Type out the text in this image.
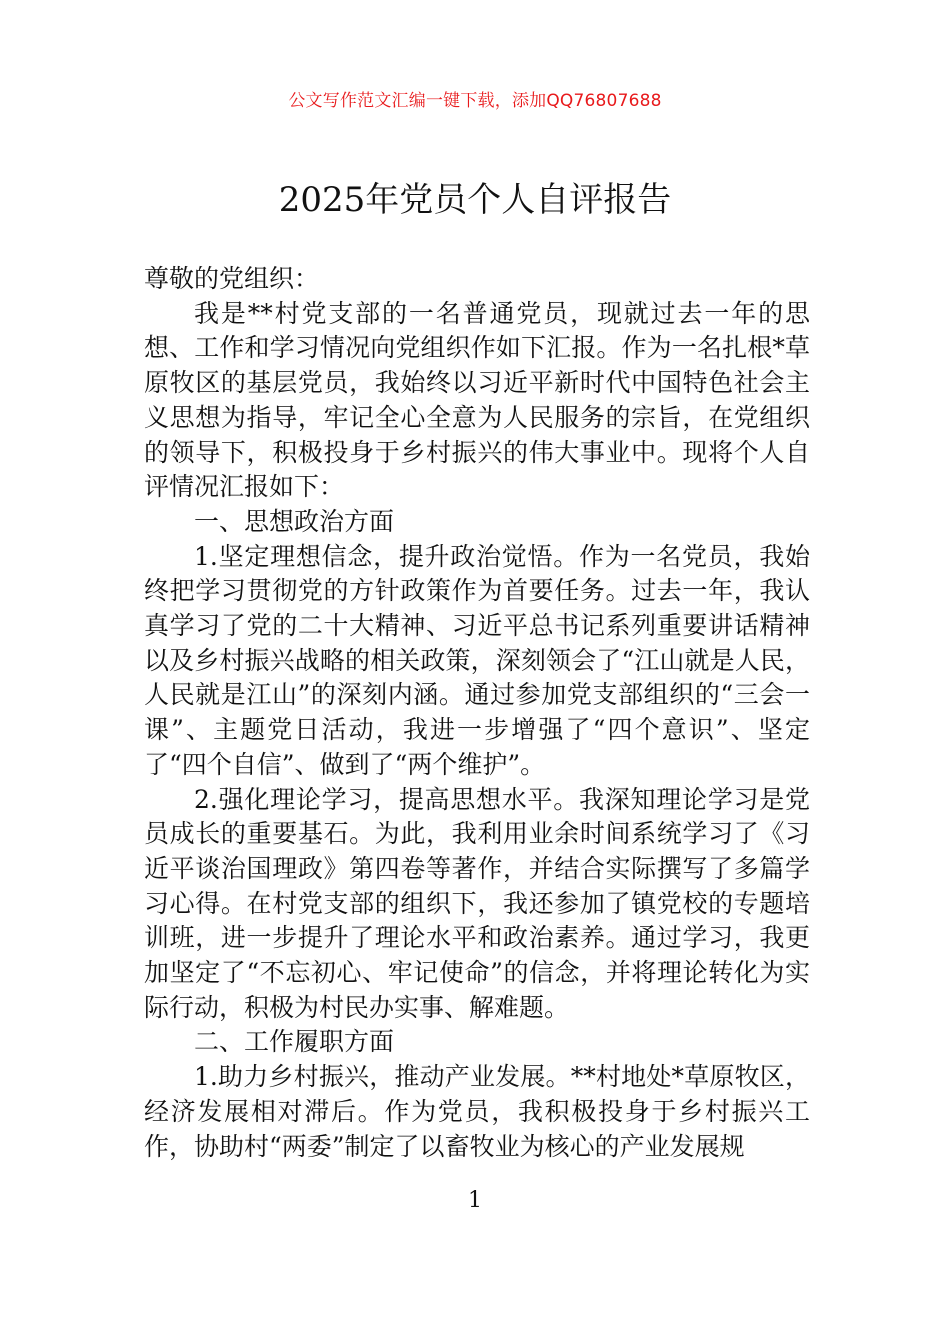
公文写作范文汇编一键下载，添加QQ76807688
2025年党员个人自评报告

尊敬的党组织：

我是**村党支部的一名普通党员，现就过去一年的思想、工作和学习情况向党组织作如下汇报。作为一名扎根*草原牧区的基层党员，我始终以习近平新时代中国特色社会主义思想为指导，牢记全心全意为人民服务的宗旨，在党组织的领导下，积极投身于乡村振兴的伟大事业中。现将个人自评情况汇报如下：

一、思想政治方面

1.坚定理想信念，提升政治觉悟。作为一名党员，我始终把学习贯彻党的方针政策作为首要任务。过去一年，我认真学习了党的二十大精神、习近平总书记系列重要讲话精神以及乡村振兴战略的相关政策，深刻领会了“江山就是人民，人民就是江山”的深刻内涵。通过参加党支部组织的“三会一课”、主题党日活动，我进一步增强了“四个意识”、坚定了“四个自信”、做到了“两个维护”。

2.强化理论学习，提高思想水平。我深知理论学习是党员成长的重要基石。为此，我利用业余时间系统学习了《习近平谈治国理政》第四卷等著作，并结合实际撰写了多篇学习心得。在村党支部的组织下，我还参加了镇党校的专题培训班，进一步提升了理论水平和政治素养。通过学习，我更加坚定了“不忘初心、牢记使命”的信念，并将理论转化为实际行动，积极为村民办实事、解难题。

二、工作履职方面

1.助力乡村振兴，推动产业发展。**村地处*草原牧区，经济发展相对滞后。作为党员，我积极投身于乡村振兴工作，协助村“两委”制定了以畜牧业为核心的产业发展规

1
